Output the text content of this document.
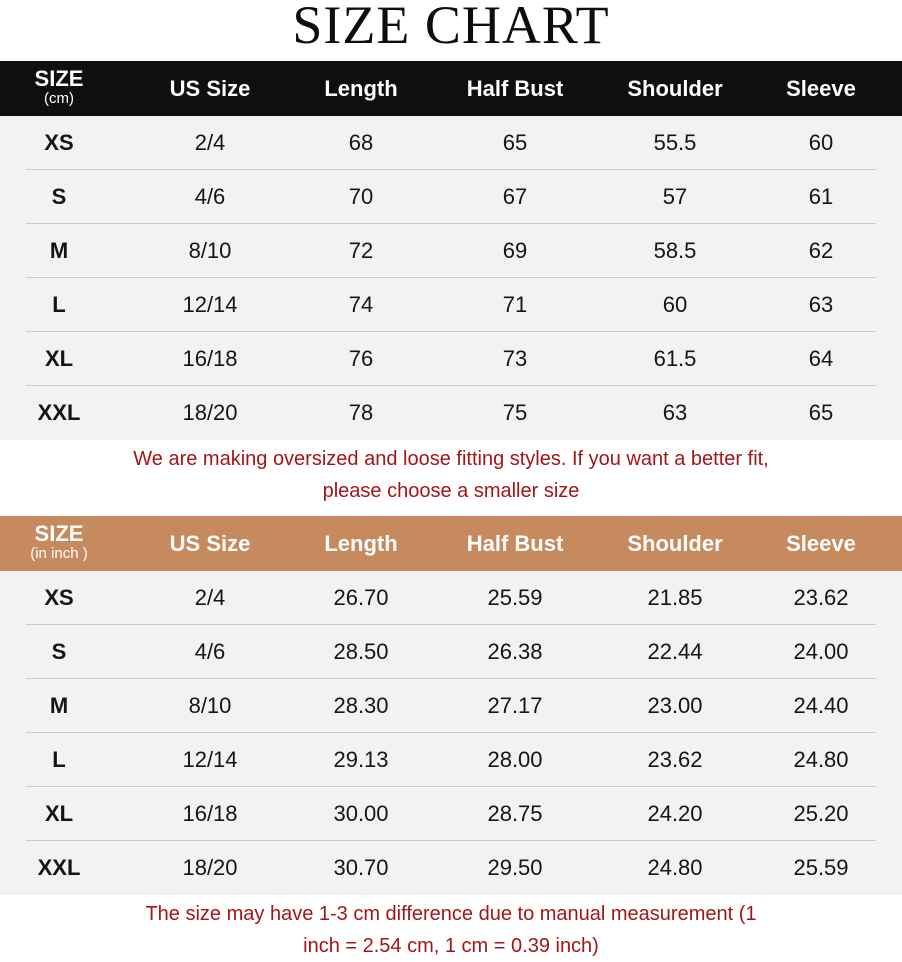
SIZE CHART
SIZE
(cm)	US Size	Length	Half Bust	Shoulder	Sleeve
XS	2/4	68	65	55.5	60
S	4/6	70	67	57	61
M	8/10	72	69	58.5	62
L	12/14	74	71	60	63
XL	16/18	76	73	61.5	64
XXL	18/20	78	75	63	65
We are making oversized and loose fitting styles. If you want a better fit,
please choose a smaller size
SIZE
(in inch )	US Size	Length	Half Bust	Shoulder	Sleeve
XS	2/4	26.70	25.59	21.85	23.62
S	4/6	28.50	26.38	22.44	24.00
M	8/10	28.30	27.17	23.00	24.40
L	12/14	29.13	28.00	23.62	24.80
XL	16/18	30.00	28.75	24.20	25.20
XXL	18/20	30.70	29.50	24.80	25.59
The size may have 1-3 cm difference due to manual measurement (1
inch = 2.54 cm, 1 cm = 0.39 inch)
